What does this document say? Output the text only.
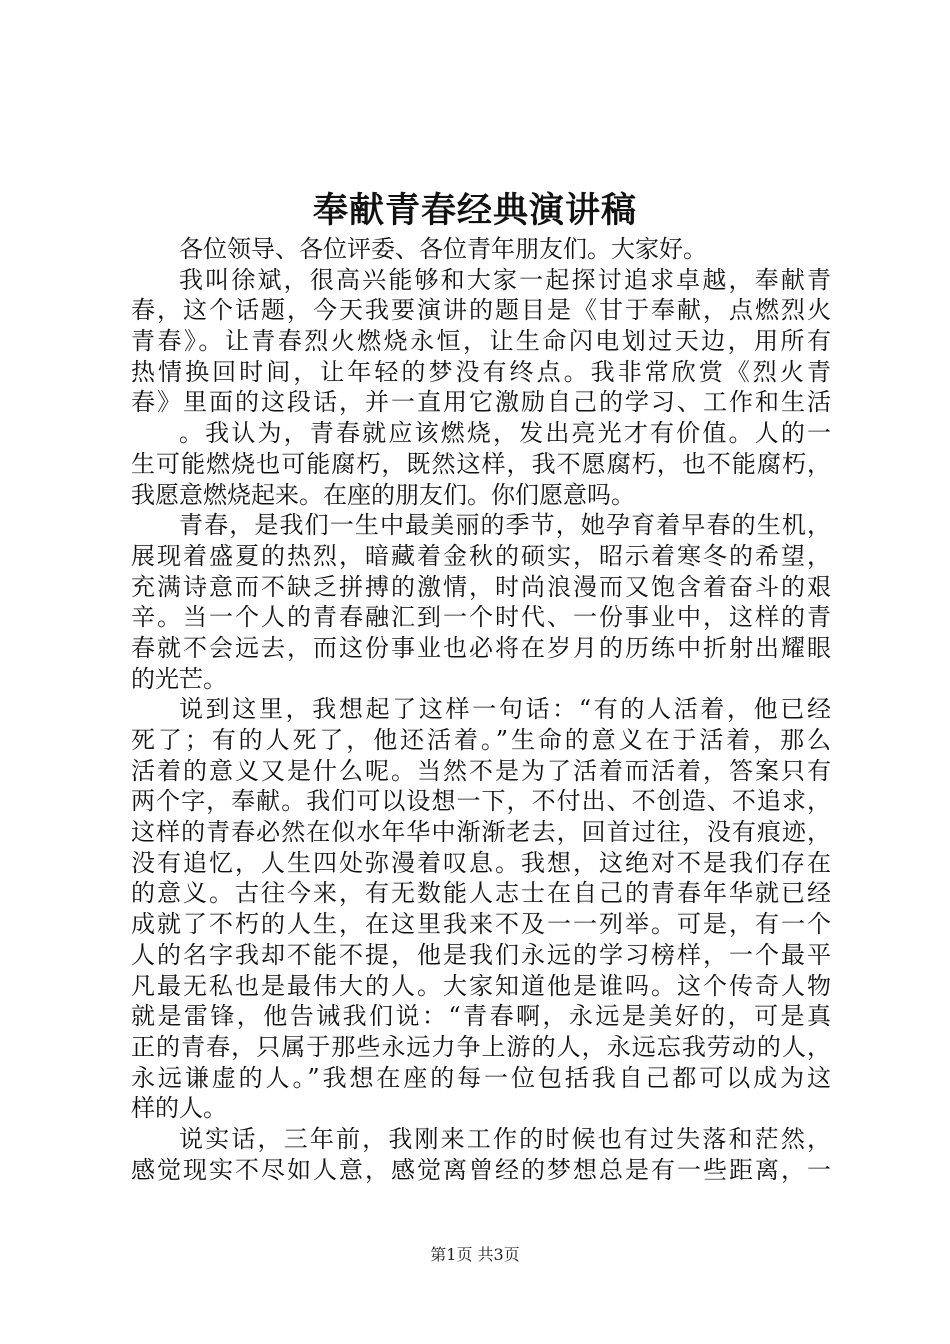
奉献青春经典演讲稿
各位领导、各位评委、各位青年朋友们。大家好。
我叫徐斌，很高兴能够和大家一起探讨追求卓越，奉献青
春，这个话题，今天我要演讲的题目是《甘于奉献，点燃烈火
青春》。让青春烈火燃烧永恒，让生命闪电划过天边，用所有
热情换回时间，让年轻的梦没有终点。我非常欣赏《烈火青
春》里面的这段话，并一直用它激励自己的学习、工作和生活
。我认为，青春就应该燃烧，发出亮光才有价值。人的一
生可能燃烧也可能腐朽，既然这样，我不愿腐朽，也不能腐朽，
我愿意燃烧起来。在座的朋友们。你们愿意吗。
青春，是我们一生中最美丽的季节，她孕育着早春的生机，
展现着盛夏的热烈，暗藏着金秋的硕实，昭示着寒冬的希望，
充满诗意而不缺乏拼搏的激情，时尚浪漫而又饱含着奋斗的艰
辛。当一个人的青春融汇到一个时代、一份事业中，这样的青
春就不会远去，而这份事业也必将在岁月的历练中折射出耀眼
的光芒。
说到这里，我想起了这样一句话：“有的人活着，他已经
死了；有的人死了，他还活着。”生命的意义在于活着，那么
活着的意义又是什么呢。当然不是为了活着而活着，答案只有
两个字，奉献。我们可以设想一下，不付出、不创造、不追求，
这样的青春必然在似水年华中渐渐老去，回首过往，没有痕迹，
没有追忆，人生四处弥漫着叹息。我想，这绝对不是我们存在
的意义。古往今来，有无数能人志士在自己的青春年华就已经
成就了不朽的人生，在这里我来不及一一列举。可是，有一个
人的名字我却不能不提，他是我们永远的学习榜样，一个最平
凡最无私也是最伟大的人。大家知道他是谁吗。这个传奇人物
就是雷锋，他告诫我们说：“青春啊，永远是美好的，可是真
正的青春，只属于那些永远力争上游的人，永远忘我劳动的人，
永远谦虚的人。”我想在座的每一位包括我自己都可以成为这
样的人。
说实话，三年前，我刚来工作的时候也有过失落和茫然，
感觉现实不尽如人意，感觉离曾经的梦想总是有一些距离，一
第1页 共3页
